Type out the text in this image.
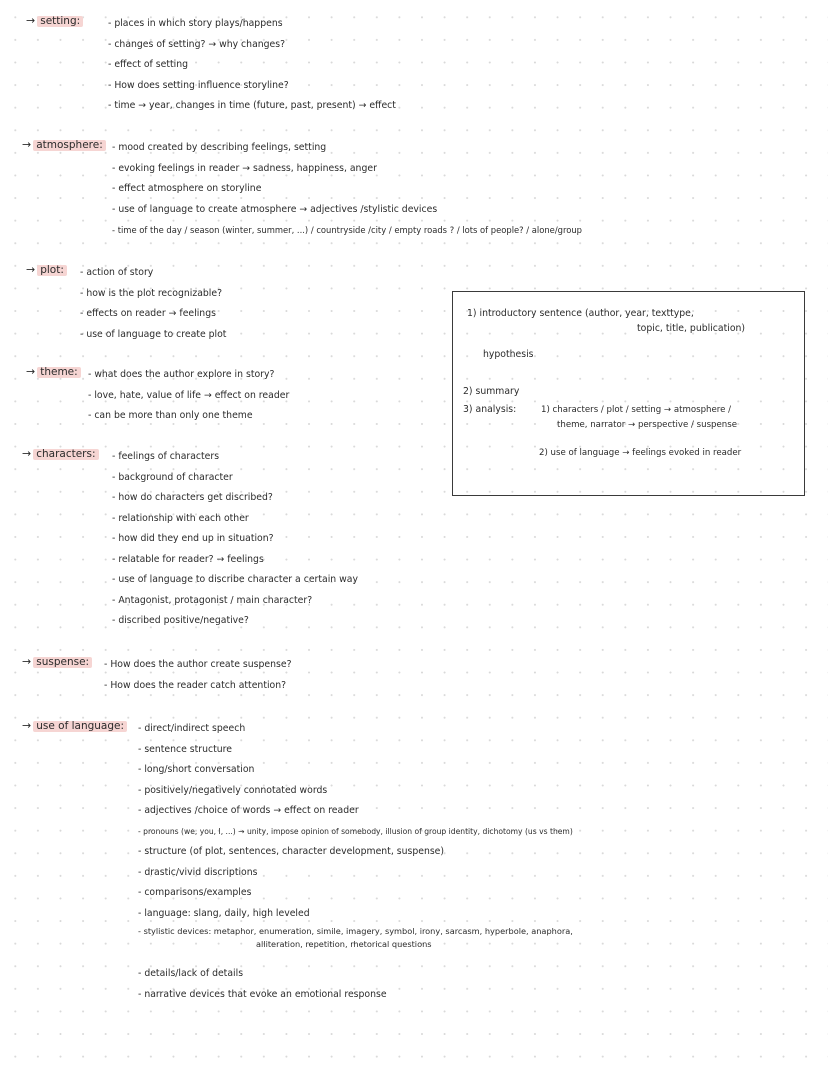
→ setting:	- places in which story plays/happens
- changes of setting? → why changes?
- effect of setting
- How does setting influence storyline?
- time → year, changes in time (future, past, present) → effect
→ atmosphere:	- mood created by describing feelings, setting
- evoking feelings in reader → sadness, happiness, anger
- effect atmosphere on storyline
- use of language to create atmosphere → adjectives /stylistic devices
- time of the day / season (winter, summer, ...) / countryside /city / empty roads ? / lots of people? / alone/group
→ plot:	- action of story
- how is the plot recognizable?
- effects on reader → feelings
- use of language to create plot
→ theme:	- what does the author explore in story?
- love, hate, value of life → effect on reader
- can be more than only one theme
→ characters:	- feelings of characters
- background of character
- how do characters get discribed?
- relationship with each other
- how did they end up in situation?
- relatable for reader? → feelings
- use of language to discribe character a certain way
- Antagonist, protagonist / main character?
- discribed positive/negative?
→ suspense:	- How does the author create suspense?
- How does the reader catch attention?
→ use of language:	- direct/indirect speech
- sentence structure
- long/short conversation
- positively/negatively connotated words
- adjectives /choice of words → effect on reader
- pronouns (we, you, I, ...) → unity, impose opinion of somebody, illusion of group identity, dichotomy (us vs them)
- structure (of plot, sentences, character development, suspense)
- drastic/vivid discriptions
- comparisons/examples
- language: slang, daily, high leveled
- stylistic devices: metaphor, enumeration, simile, imagery, symbol, irony, sarcasm, hyperbole, anaphora,
alliteration, repetition, rhetorical questions
- details/lack of details
- narrative devices that evoke an emotional response
1) introductory sentence (author, year, texttype,
topic, title, publication)
hypothesis
2) summary
3) analysis:	1) characters / plot / setting → atmosphere /
theme, narrator → perspective / suspense
2) use of language → feelings evoked in reader
